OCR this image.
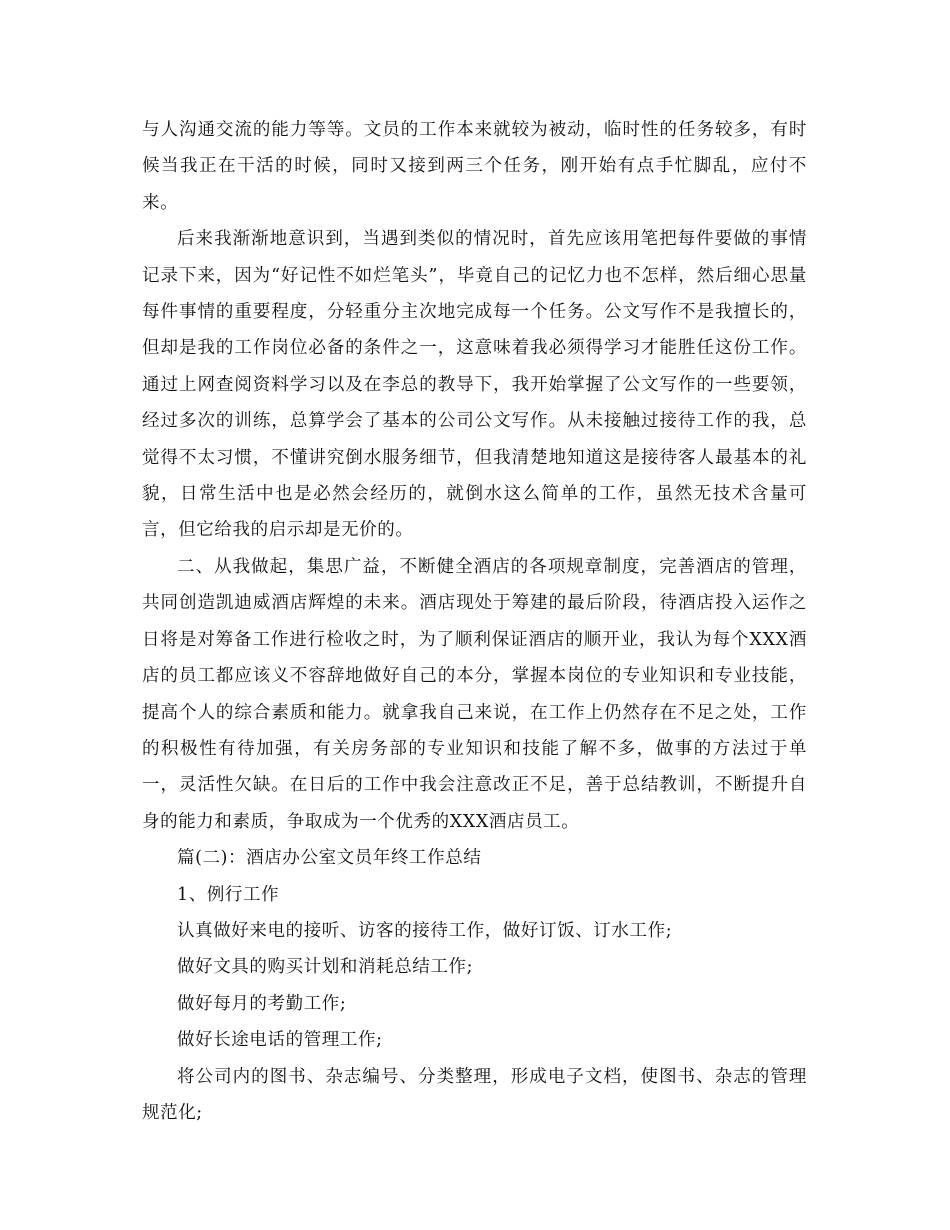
与人沟通交流的能力等等。文员的工作本来就较为被动，临时性的任务较多，有时候当我正在干活的时候，同时又接到两三个任务，刚开始有点手忙脚乱，应付不来。

后来我渐渐地意识到，当遇到类似的情况时，首先应该用笔把每件要做的事情记录下来，因为“好记性不如烂笔头”，毕竟自己的记忆力也不怎样，然后细心思量每件事情的重要程度，分轻重分主次地完成每一个任务。公文写作不是我擅长的，但却是我的工作岗位必备的条件之一，这意味着我必须得学习才能胜任这份工作。通过上网查阅资料学习以及在李总的教导下，我开始掌握了公文写作的一些要领，经过多次的训练，总算学会了基本的公司公文写作。从未接触过接待工作的我，总觉得不太习惯，不懂讲究倒水服务细节，但我清楚地知道这是接待客人最基本的礼貌，日常生活中也是必然会经历的，就倒水这么简单的工作，虽然无技术含量可言，但它给我的启示却是无价的。

二、从我做起，集思广益，不断健全酒店的各项规章制度，完善酒店的管理，共同创造凯迪威酒店辉煌的未来。酒店现处于筹建的最后阶段，待酒店投入运作之日将是对筹备工作进行检收之时，为了顺利保证酒店的顺开业，我认为每个XXX酒店的员工都应该义不容辞地做好自己的本分，掌握本岗位的专业知识和专业技能，提高个人的综合素质和能力。就拿我自己来说，在工作上仍然存在不足之处，工作的积极性有待加强，有关房务部的专业知识和技能了解不多，做事的方法过于单一，灵活性欠缺。在日后的工作中我会注意改正不足，善于总结教训，不断提升自身的能力和素质，争取成为一个优秀的XXX酒店员工。

篇(二)：酒店办公室文员年终工作总结

1、例行工作

认真做好来电的接听、访客的接待工作，做好订饭、订水工作;

做好文具的购买计划和消耗总结工作;

做好每月的考勤工作;

做好长途电话的管理工作;

将公司内的图书、杂志编号、分类整理，形成电子文档，使图书、杂志的管理规范化;
